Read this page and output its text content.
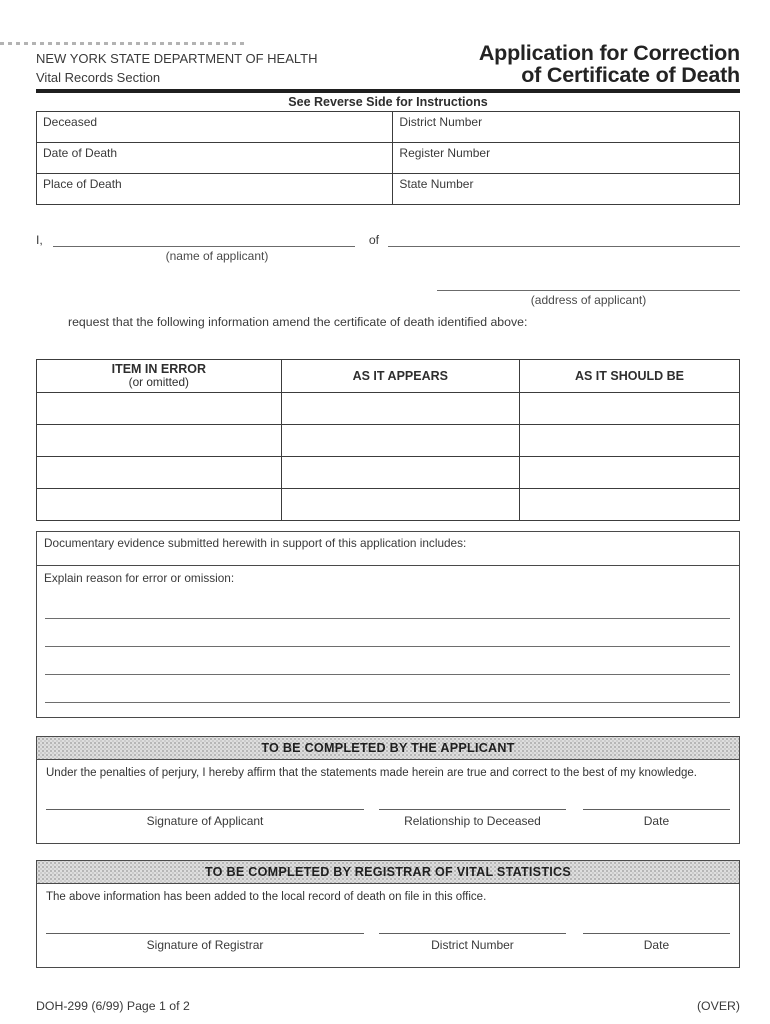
NEW YORK STATE DEPARTMENT OF HEALTH
Vital Records Section
Application for Correction
of Certificate of Death
See Reverse Side for Instructions
Deceased	District Number
Date of Death	Register Number
Place of Death	State Number
I,	of
(name of applicant)
(address of applicant)
request that the following information amend the certificate of death identified above:
ITEM IN ERROR
(or omitted)	AS IT APPEARS	AS IT SHOULD BE

Documentary evidence submitted herewith in support of this application includes:
Explain reason for error or omission:
TO BE COMPLETED BY THE APPLICANT
Under the penalties of perjury, I hereby affirm that the statements made herein are true and correct to the best of my knowledge.
Signature of Applicant	Relationship to Deceased	Date
TO BE COMPLETED BY REGISTRAR OF VITAL STATISTICS
The above information has been added to the local record of death on file in this office.
Signature of Registrar	District Number	Date
DOH-299 (6/99) Page 1 of 2	(OVER)
